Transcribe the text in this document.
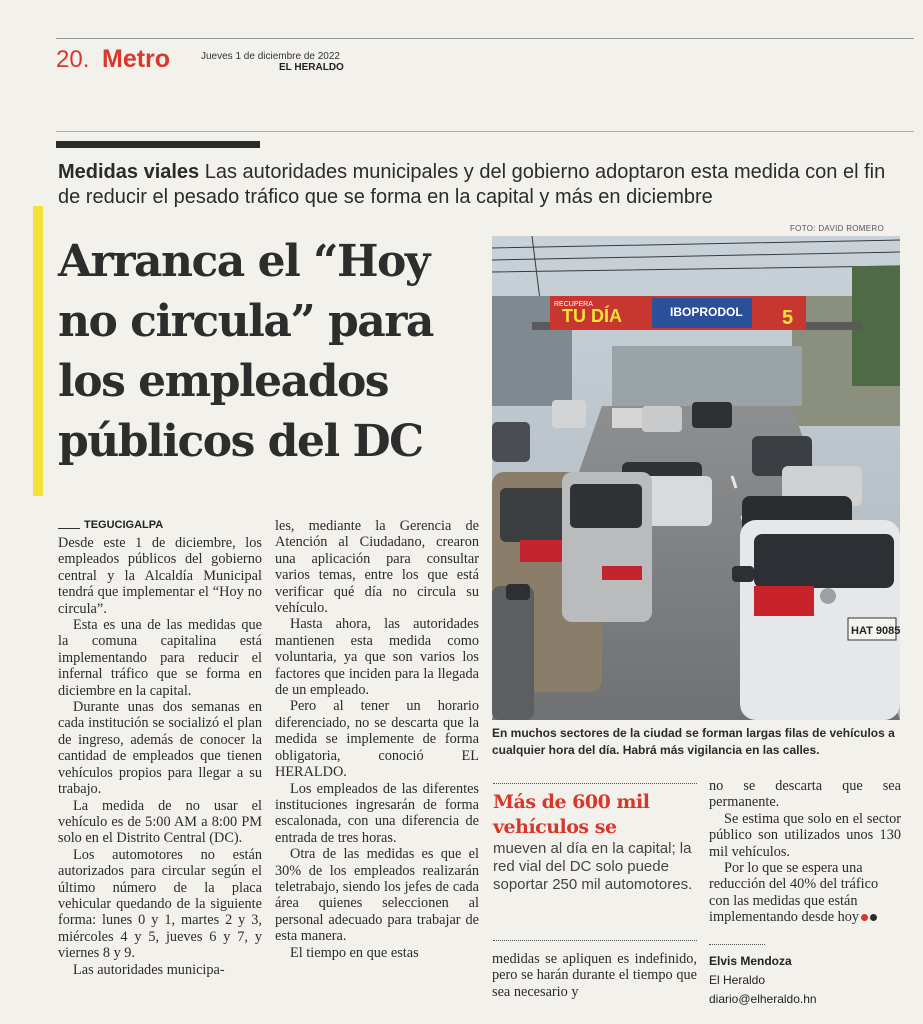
20. Metro	Jueves 1 de diciembre de 2022
EL HERALDO
Medidas viales Las autoridades municipales y del gobierno adoptaron esta medida con el fin de reducir el pesado tráfico que se forma en la capital y más en diciembre
Arranca el “Hoy no circula” para los empleados públicos del DC
FOTO: DAVID ROMERO
TU DÍA
RECUPERA
IBOPRODOL 5
HAT 9085
En muchos sectores de la ciudad se forman largas filas de vehículos a cualquier hora del día. Habrá más vigilancia en las calles.
TEGUCIGALPA

Desde este 1 de diciembre, los empleados públicos del gobierno central y la Alcaldía Municipal tendrá que implementar el “Hoy no circula”.

Esta es una de las medidas que la comuna capitalina está implementando para reducir el infernal tráfico que se forma en diciembre en la capital.

Durante unas dos semanas en cada institución se socializó el plan de ingreso, además de conocer la cantidad de empleados que tienen vehículos propios para llegar a su trabajo.

La medida de no usar el vehículo es de 5:00 AM a 8:00 PM solo en el Distrito Central (DC).

Los automotores no están autorizados para circular según el último número de la placa vehicular quedando de la siguiente forma: lunes 0 y 1, martes 2 y 3, miércoles 4 y 5, jueves 6 y 7, y viernes 8 y 9.

Las autoridades municipa-

les, mediante la Gerencia de Atención al Ciudadano, crearon una aplicación para consultar varios temas, entre los que está verificar qué día no circula su vehículo.

Hasta ahora, las autoridades mantienen esta medida como voluntaria, ya que son varios los factores que inciden para la llegada de un empleado.

Pero al tener un horario diferenciado, no se descarta que la medida se implemente de forma obligatoria, conoció EL HERALDO.

Los empleados de las diferentes instituciones ingresarán de forma escalonada, con una diferencia de entrada de tres horas.

Otra de las medidas es que el 30% de los empleados realizarán teletrabajo, siendo los jefes de cada área quienes seleccionen al personal adecuado para trabajar de esta manera.

El tiempo en que estas

Más de 600 mil vehículos se
mueven al día en la capital; la red vial del DC solo puede soportar 250 mil automotores.

medidas se apliquen es indefinido, pero se harán durante el tiempo que sea necesario y

no se descarta que sea permanente.

Se estima que solo en el sector público son utilizados unos 130 mil vehículos.

Por lo que se espera una reducción del 40% del tráfico con las medidas que están implementando desde hoy

Elvis Mendoza
El Heraldo
diario@elheraldo.hn
